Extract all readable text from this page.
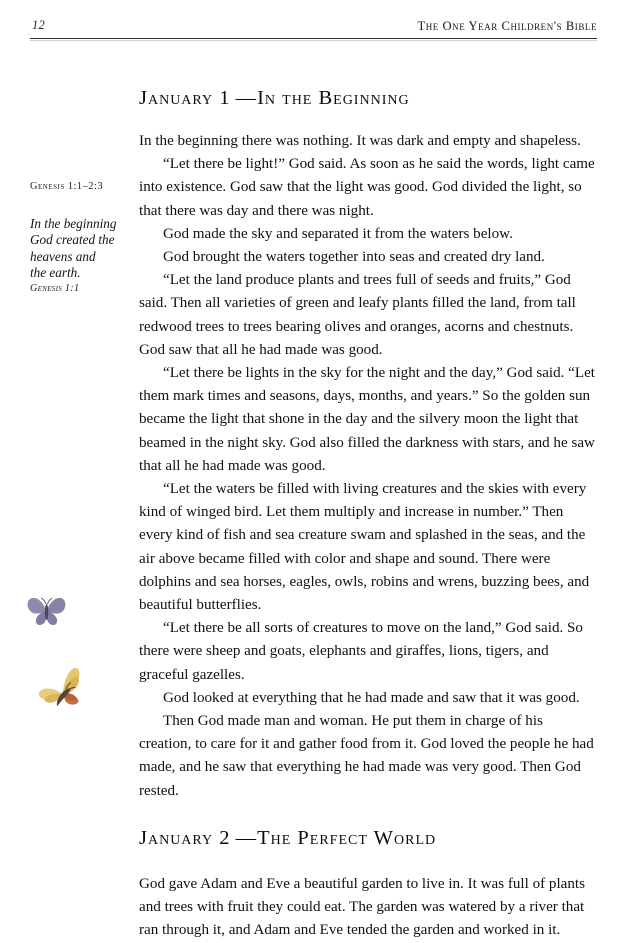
12	The One Year Children's Bible
Genesis 1:1–2:3
In the beginning
God created the
heavens and
the earth.
Genesis 1:1
January 1 —In the Beginning

In the beginning there was nothing. It was dark and empty and shapeless.

“Let there be light!” God said. As soon as he said the words, light came into existence. God saw that the light was good. God divided the light, so that there was day and there was night.

God made the sky and separated it from the waters below.

God brought the waters together into seas and created dry land.

“Let the land produce plants and trees full of seeds and fruits,” God said. Then all varieties of green and leafy plants filled the land, from tall redwood trees to trees bearing olives and oranges, acorns and chestnuts. God saw that all he had made was good.

“Let there be lights in the sky for the night and the day,” God said. “Let them mark times and seasons, days, months, and years.” So the golden sun became the light that shone in the day and the silvery moon the light that beamed in the night sky. God also filled the darkness with stars, and he saw that all he had made was good.

“Let the waters be filled with living creatures and the skies with every kind of winged bird. Let them multiply and increase in number.” Then every kind of fish and sea creature swam and splashed in the seas, and the air above became filled with color and shape and sound. There were dolphins and sea horses, eagles, owls, robins and wrens, buzzing bees, and beautiful butterflies.

“Let there be all sorts of creatures to move on the land,” God said. So there were sheep and goats, elephants and giraffes, lions, tigers, and graceful gazelles.

God looked at everything that he had made and saw that it was good.

Then God made man and woman. He put them in charge of his creation, to care for it and gather food from it. God loved the people he had made, and he saw that everything he had made was very good. Then God rested.

January 2 —The Perfect World

God gave Adam and Eve a beautiful garden to live in. It was full of plants and trees with fruit they could eat. The garden was watered by a river that ran through it, and Adam and Eve tended the garden and worked in it.
